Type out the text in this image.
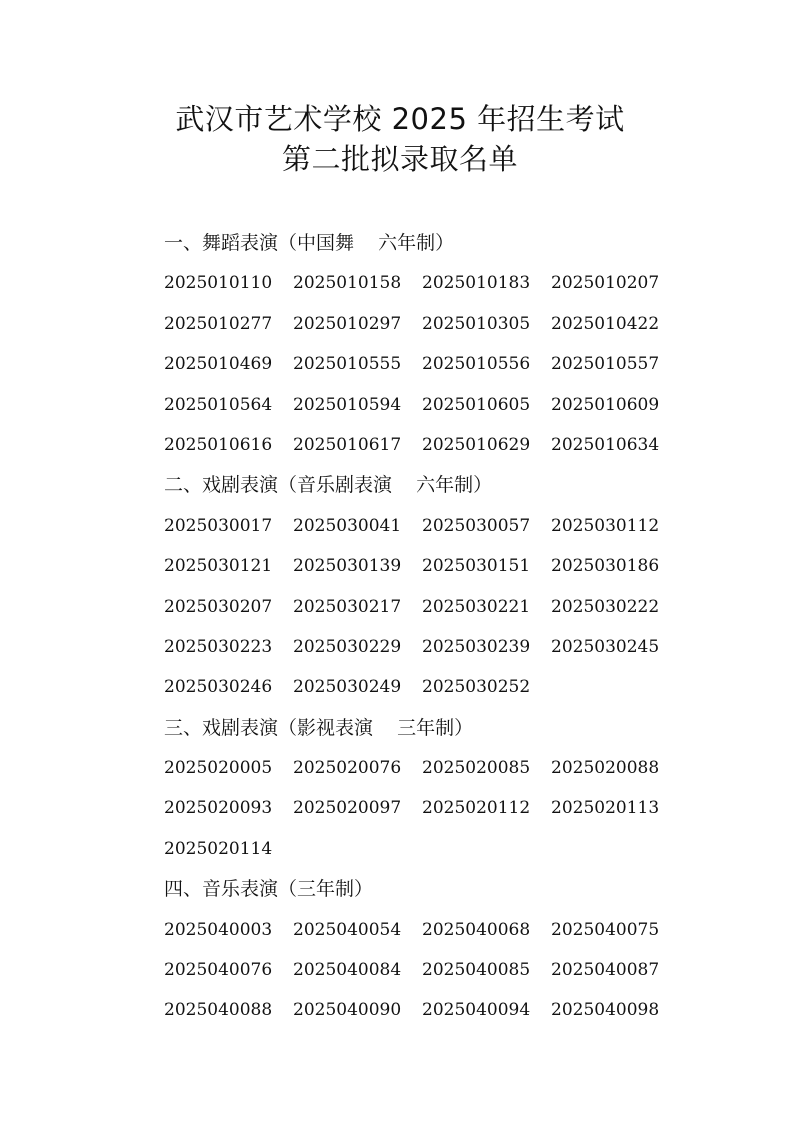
武汉市艺术学校 2025 年招生考试
第二批拟录取名单
一、舞蹈表演（中国舞    六年制）
2025010110 2025010158 2025010183 2025010207
2025010277 2025010297 2025010305 2025010422
2025010469 2025010555 2025010556 2025010557
2025010564 2025010594 2025010605 2025010609
2025010616 2025010617 2025010629 2025010634
二、戏剧表演（音乐剧表演    六年制）
2025030017 2025030041 2025030057 2025030112
2025030121 2025030139 2025030151 2025030186
2025030207 2025030217 2025030221 2025030222
2025030223 2025030229 2025030239 2025030245
2025030246 2025030249 2025030252
三、戏剧表演（影视表演    三年制）
2025020005 2025020076 2025020085 2025020088
2025020093 2025020097 2025020112 2025020113
2025020114
四、音乐表演（三年制）
2025040003 2025040054 2025040068 2025040075
2025040076 2025040084 2025040085 2025040087
2025040088 2025040090 2025040094 2025040098
